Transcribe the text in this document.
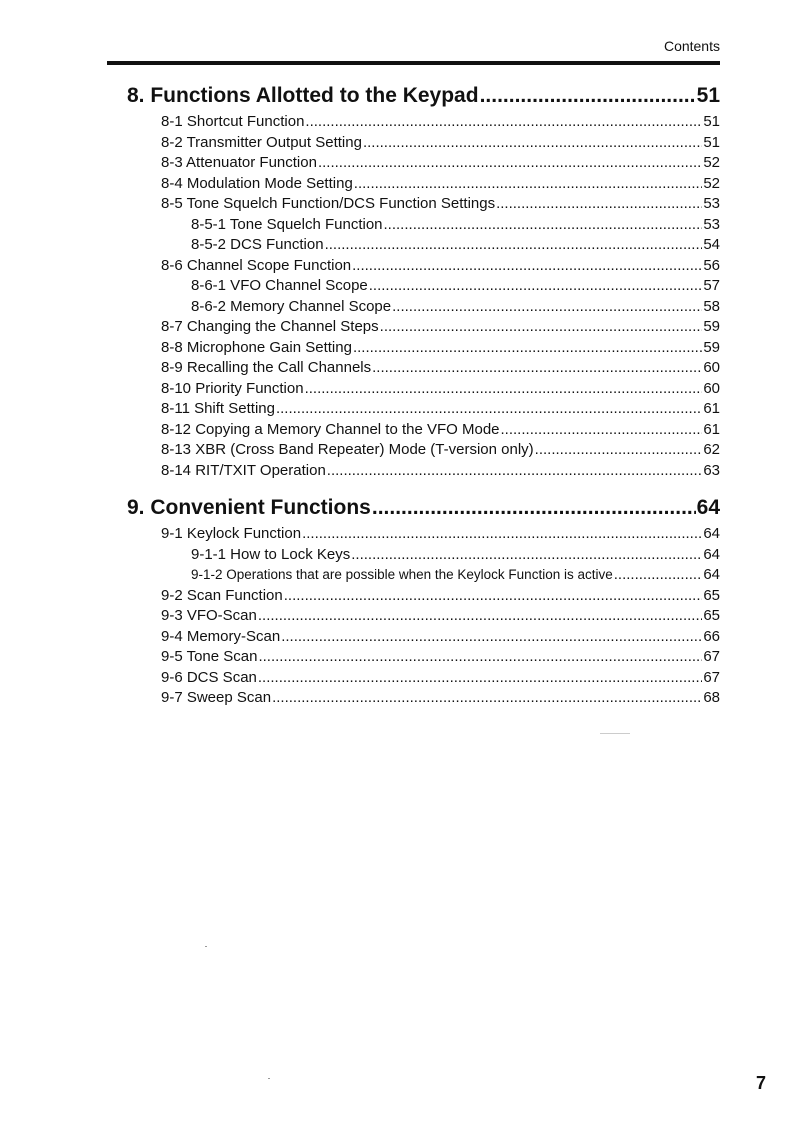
Contents
8. Functions Allotted to the Keypad .....	51
8-1 Shortcut Function .....	51
8-2 Transmitter Output Setting .....	51
8-3 Attenuator Function .....	52
8-4 Modulation Mode Setting .....	52
8-5 Tone Squelch Function/DCS Function Settings .....	53
8-5-1 Tone Squelch Function .....	53
8-5-2 DCS Function .....	54
8-6 Channel Scope Function .....	56
8-6-1 VFO Channel Scope .....	57
8-6-2 Memory Channel Scope .....	58
8-7 Changing the Channel Steps .....	59
8-8 Microphone Gain Setting .....	59
8-9 Recalling the Call Channels .....	60
8-10 Priority Function .....	60
8-11 Shift Setting .....	61
8-12 Copying a Memory Channel to the VFO Mode .....	61
8-13 XBR (Cross Band Repeater) Mode (T-version only) .....	62
8-14 RIT/TXIT Operation .....	63
9. Convenient Functions .....	64
9-1 Keylock Function .....	64
9-1-1 How to Lock Keys .....	64
9-1-2 Operations that are possible when the Keylock Function is active .....	64
9-2 Scan Function .....	65
9-3 VFO-Scan .....	65
9-4 Memory-Scan .....	66
9-5 Tone Scan .....	67
9-6 DCS Scan .....	67
9-7 Sweep Scan .....	68
7
